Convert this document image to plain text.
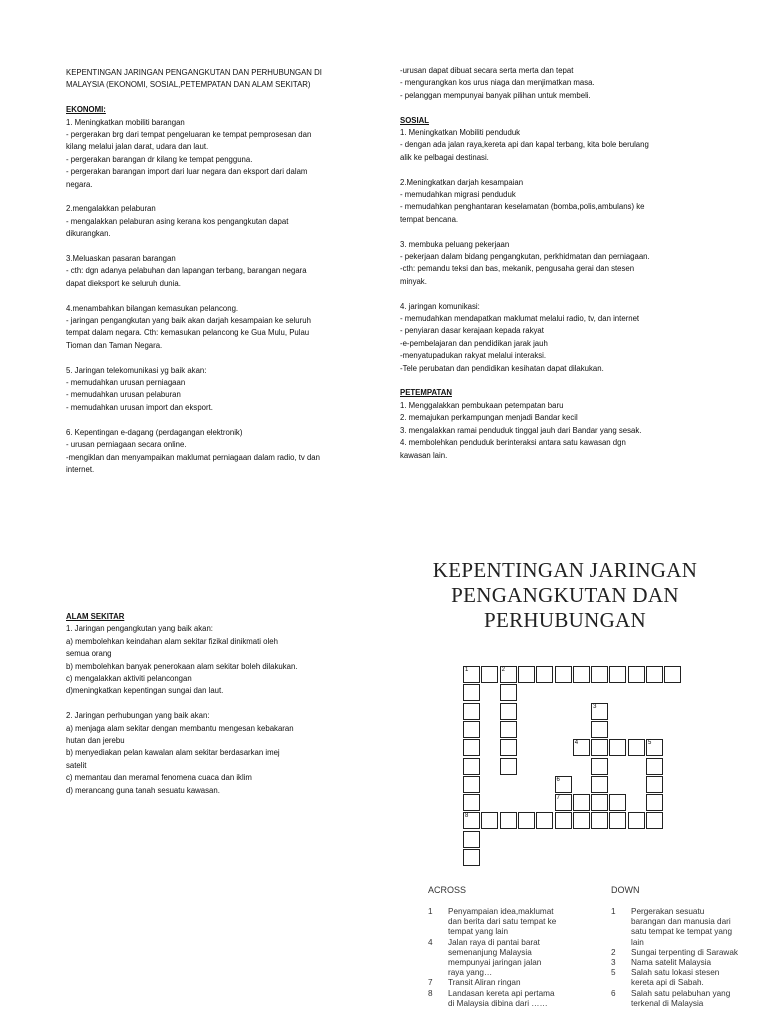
KEPENTINGAN JARINGAN PENGANGKUTAN DAN PERHUBUNGAN DI

MALAYSIA (EKONOMI, SOSIAL,PETEMPATAN DAN ALAM SEKITAR)

EKONOMI:

1. Meningkatkan mobiliti barangan

- pergerakan brg dari tempat pengeluaran ke tempat pemprosesan dan

kilang melalui jalan darat, udara dan laut.

- pergerakan barangan dr kilang ke tempat pengguna.

- pergerakan barangan import dari luar negara dan eksport dari dalam

negara.

2.mengalakkan pelaburan

- mengalakkan pelaburan asing kerana kos pengangkutan dapat

dikurangkan.

3.Meluaskan pasaran barangan

- cth: dgn adanya pelabuhan dan lapangan terbang, barangan negara

dapat dieksport ke seluruh dunia.

4.menambahkan bilangan kemasukan pelancong.

- jaringan pengangkutan yang baik akan darjah kesampaian ke seluruh

tempat dalam negara. Cth: kemasukan pelancong ke Gua Mulu, Pulau

Tioman dan Taman Negara.

5. Jaringan telekomunikasi yg baik akan:

- memudahkan urusan perniagaan

- memudahkan urusan pelaburan

- memudahkan urusan import dan eksport.

6. Kepentingan e-dagang (perdagangan elektronik)

- urusan perniagaan secara online.

-mengiklan dan menyampaikan maklumat perniagaan dalam radio, tv dan

internet.

-urusan dapat dibuat secara serta merta dan tepat

- mengurangkan kos urus niaga dan menjimatkan masa.

- pelanggan mempunyai banyak pilihan untuk membeli.

SOSIAL

1. Meningkatkan Mobiliti penduduk

- dengan ada jalan raya,kereta api dan kapal terbang, kita bole berulang

alik ke pelbagai destinasi.

2.Meningkatkan darjah kesampaian

- memudahkan migrasi penduduk

- memudahkan penghantaran keselamatan (bomba,polis,ambulans) ke

tempat bencana.

3. membuka peluang pekerjaan

- pekerjaan dalam bidang pengangkutan, perkhidmatan dan perniagaan.

-cth: pemandu teksi dan bas, mekanik, pengusaha gerai dan stesen

minyak.

4. jaringan komunikasi:

- memudahkan mendapatkan maklumat melalui radio, tv, dan internet

- penyiaran dasar kerajaan kepada rakyat

-e-pembelajaran dan pendidikan jarak jauh

-menyatupadukan rakyat melalui interaksi.

-Tele perubatan dan pendidikan kesihatan dapat dilakukan.

PETEMPATAN

1. Menggalakkan pembukaan petempatan baru

2. memajukan perkampungan menjadi Bandar kecil

3. mengalakkan ramai penduduk tinggal jauh dari Bandar yang sesak.

4. membolehkan penduduk berinteraksi antara satu kawasan dgn

kawasan lain.

ALAM SEKITAR

1. Jaringan pengangkutan yang baik akan:

a) membolehkan keindahan alam sekitar fizikal dinikmati oleh

semua orang

b) membolehkan banyak penerokaan alam sekitar boleh dilakukan.

c) mengalakkan aktiviti pelancongan

d)meningkatkan kepentingan sungai dan laut.

2. Jaringan perhubungan yang baik akan:

a) menjaga alam sekitar dengan membantu mengesan kebakaran

hutan dan jerebu

b) menyediakan pelan kawalan alam sekitar berdasarkan imej

satelit

c) memantau dan meramal fenomena cuaca dan iklim

d) merancang guna tanah sesuatu kawasan.

KEPENTINGAN JARINGAN
PENGANGKUTAN DAN
PERHUBUNGAN
1	2
8
3
4	5
6
7
ACROSS	DOWN
1 Penyampaian idea,maklumat
dan berita dari satu tempat ke
tempat yang lain
4 Jalan raya di pantai barat
semenanjung Malaysia
mempunyai jaringan jalan
raya yang…
7 Transit Aliran ringan
8 Landasan kereta api pertama
di Malaysia dibina dari ……
1 Pergerakan sesuatu
barangan dan manusia dari
satu tempat ke tempat yang
lain
2 Sungai terpenting di Sarawak
3 Nama satelit Malaysia
5 Salah satu lokasi stesen
kereta api di Sabah.
6 Salah satu pelabuhan yang
terkenal di Malaysia
